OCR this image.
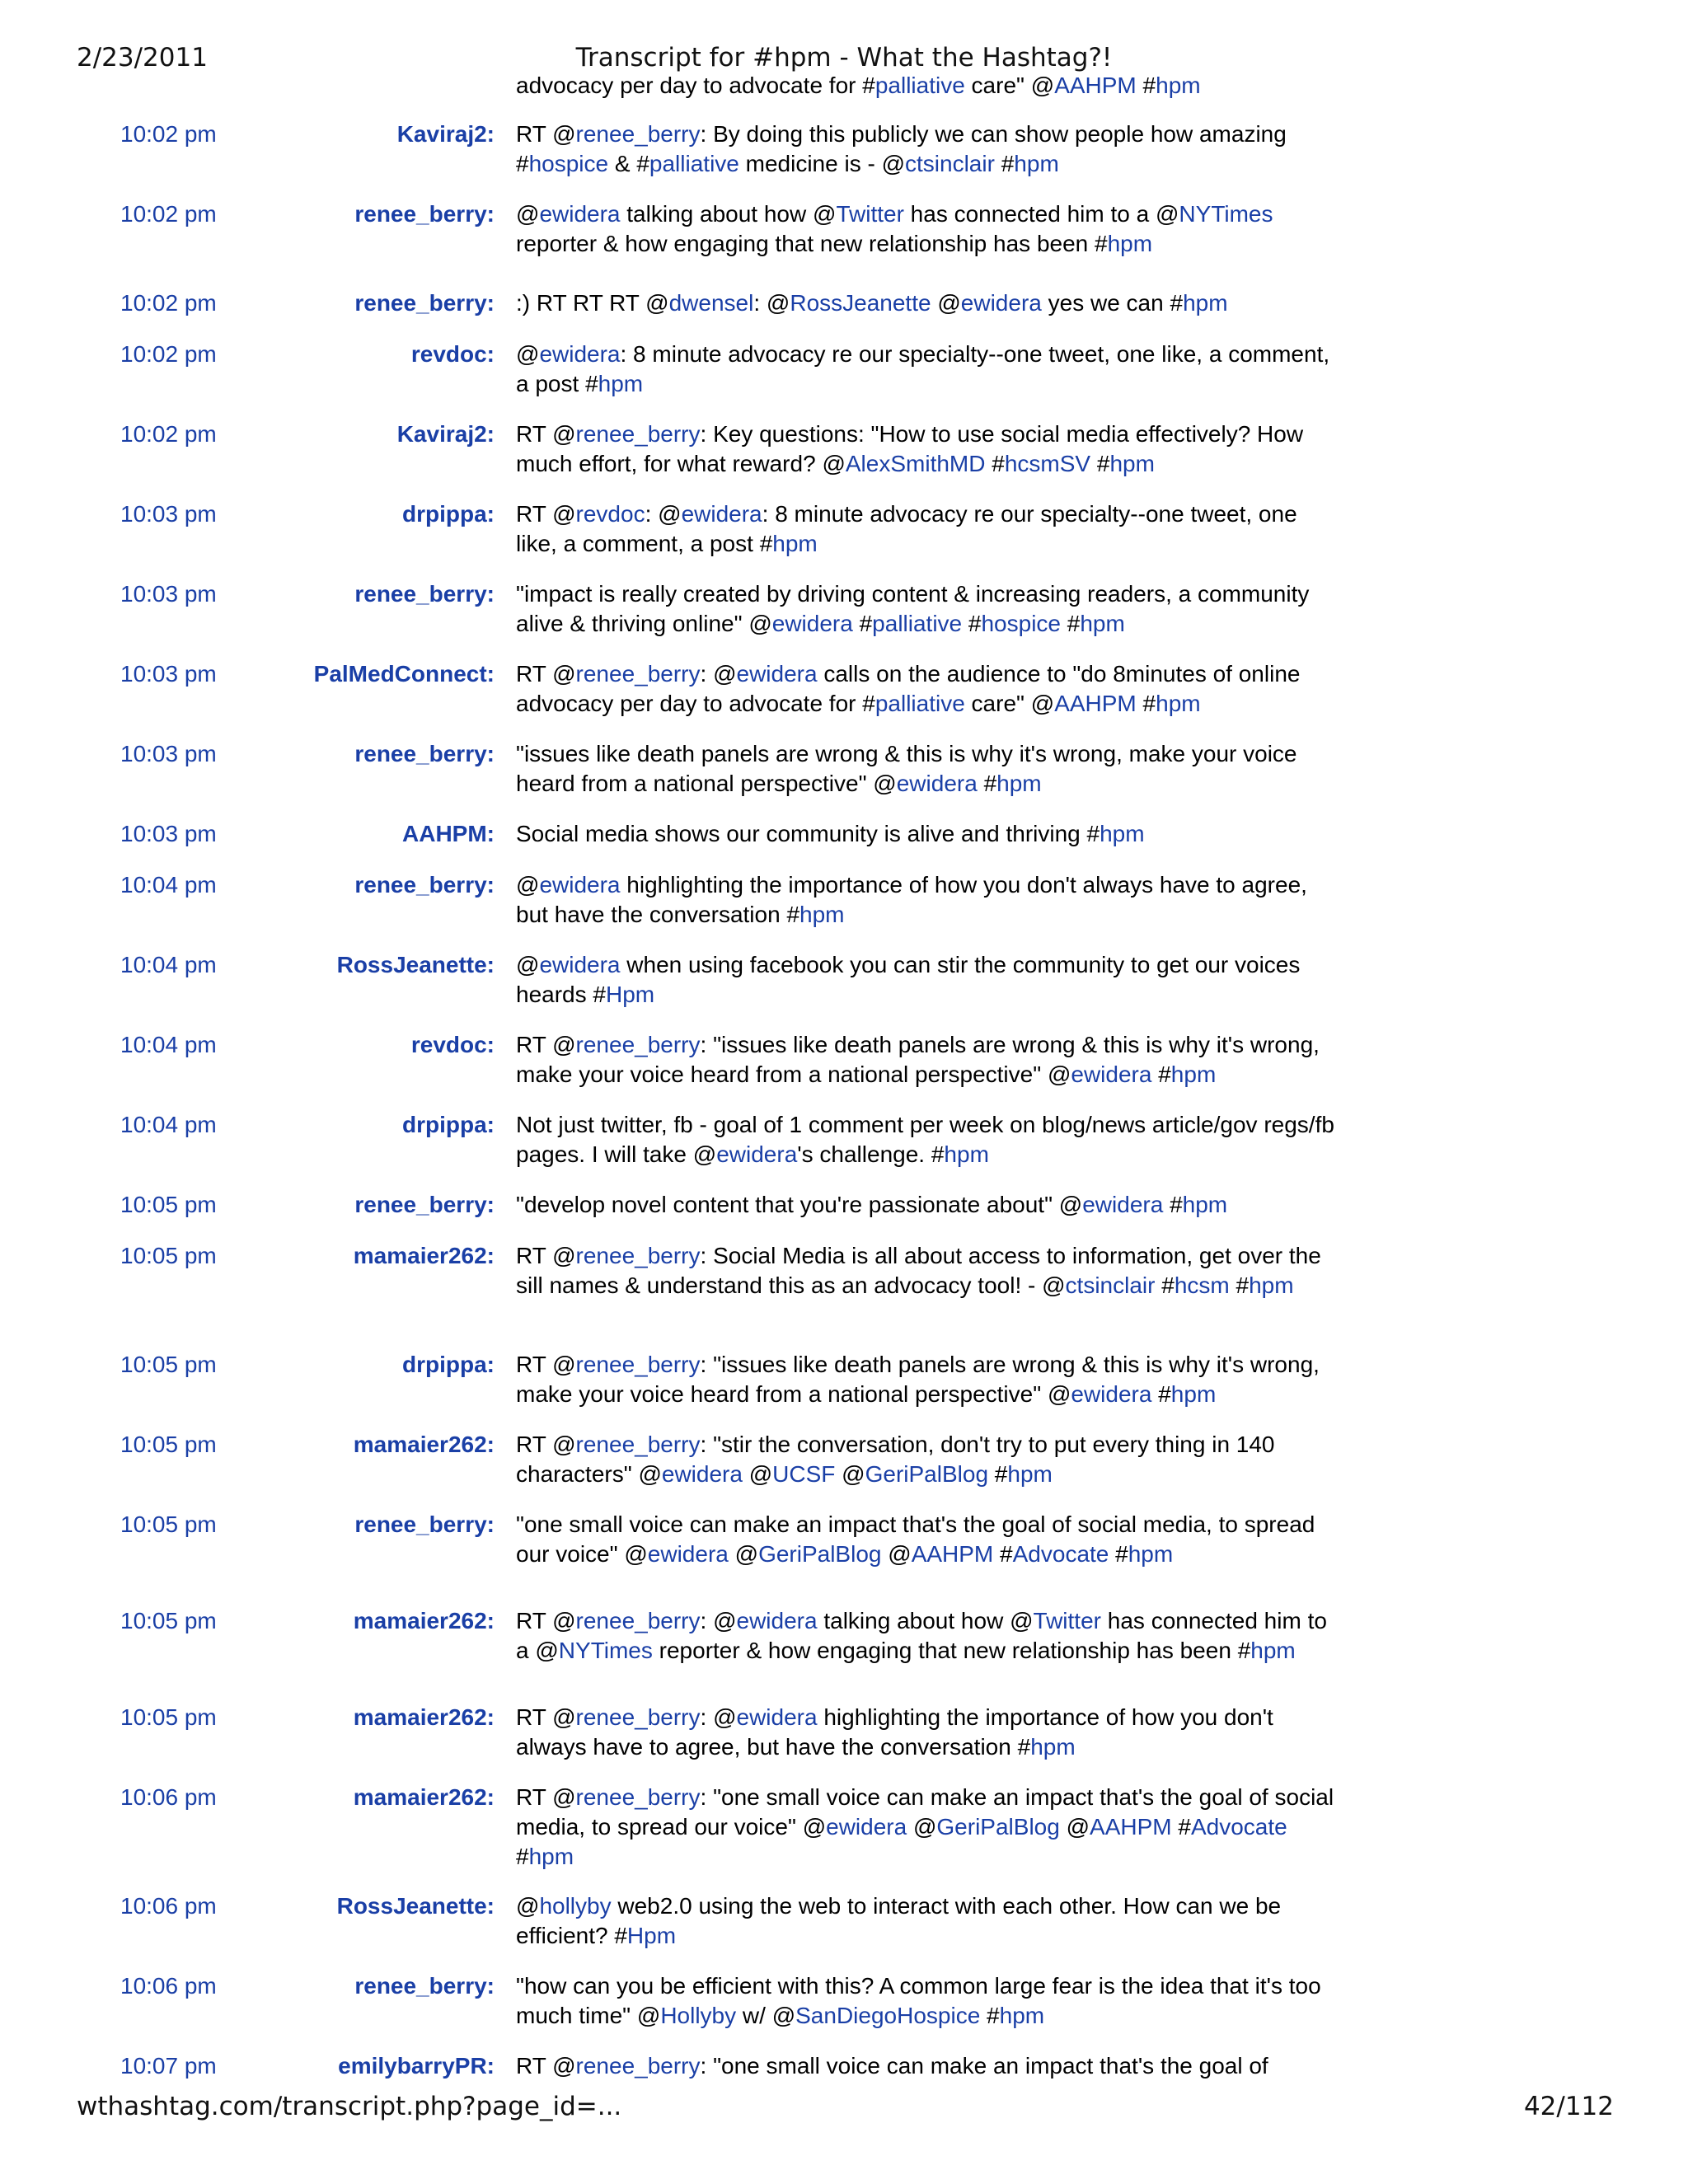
2/23/2011	Transcript for #hpm - What the Hashtag?!
advocacy per day to advocate for #palliative care" @AAHPM #hpm
10:02 pm	Kaviraj2: RT @renee_berry: By doing this publicly we can show people how amazing #hospice & #palliative medicine is - @ctsinclair #hpm
10:02 pm	renee_berry: @ewidera talking about how @Twitter has connected him to a @NYTimes reporter & how engaging that new relationship has been #hpm
10:02 pm	renee_berry: :) RT RT RT @dwensel: @RossJeanette @ewidera yes we can #hpm
10:02 pm	revdoc: @ewidera: 8 minute advocacy re our specialty--one tweet, one like, a comment, a post #hpm
10:02 pm	Kaviraj2: RT @renee_berry: Key questions: "How to use social media effectively? How much effort, for what reward? @AlexSmithMD #hcsmSV #hpm
10:03 pm	drpippa: RT @revdoc: @ewidera: 8 minute advocacy re our specialty--one tweet, one like, a comment, a post #hpm
10:03 pm	renee_berry: "impact is really created by driving content & increasing readers, a community alive & thriving online" @ewidera #palliative #hospice #hpm
10:03 pm	PalMedConnect: RT @renee_berry: @ewidera calls on the audience to "do 8minutes of online advocacy per day to advocate for #palliative care" @AAHPM #hpm
10:03 pm	renee_berry: "issues like death panels are wrong & this is why it's wrong, make your voice heard from a national perspective" @ewidera #hpm
10:03 pm	AAHPM: Social media shows our community is alive and thriving #hpm
10:04 pm	renee_berry: @ewidera highlighting the importance of how you don't always have to agree, but have the conversation #hpm
10:04 pm	RossJeanette: @ewidera when using facebook you can stir the community to get our voices heards #Hpm
10:04 pm	revdoc: RT @renee_berry: "issues like death panels are wrong & this is why it's wrong, make your voice heard from a national perspective" @ewidera #hpm
10:04 pm	drpippa: Not just twitter, fb - goal of 1 comment per week on blog/news article/gov regs/fb pages. I will take @ewidera's challenge. #hpm
10:05 pm	renee_berry: "develop novel content that you're passionate about" @ewidera #hpm
10:05 pm	mamaier262: RT @renee_berry: Social Media is all about access to information, get over the sill names & understand this as an advocacy tool! - @ctsinclair #hcsm #hpm
10:05 pm	drpippa: RT @renee_berry: "issues like death panels are wrong & this is why it's wrong, make your voice heard from a national perspective" @ewidera #hpm
10:05 pm	mamaier262: RT @renee_berry: "stir the conversation, don't try to put every thing in 140 characters" @ewidera @UCSF @GeriPalBlog #hpm
10:05 pm	renee_berry: "one small voice can make an impact that's the goal of social media, to spread our voice" @ewidera @GeriPalBlog @AAHPM #Advocate #hpm
10:05 pm	mamaier262: RT @renee_berry: @ewidera talking about how @Twitter has connected him to a @NYTimes reporter & how engaging that new relationship has been #hpm
10:05 pm	mamaier262: RT @renee_berry: @ewidera highlighting the importance of how you don't always have to agree, but have the conversation #hpm
10:06 pm	mamaier262: RT @renee_berry: "one small voice can make an impact that's the goal of social media, to spread our voice" @ewidera @GeriPalBlog @AAHPM #Advocate #hpm
10:06 pm	RossJeanette: @hollyby web2.0 using the web to interact with each other. How can we be efficient? #Hpm
10:06 pm	renee_berry: "how can you be efficient with this? A common large fear is the idea that it's too much time" @Hollyby w/ @SanDiegoHospice #hpm
10:07 pm	emilybarryPR: RT @renee_berry: "one small voice can make an impact that's the goal of
wthashtag.com/transcript.php?page_id=...	42/112
